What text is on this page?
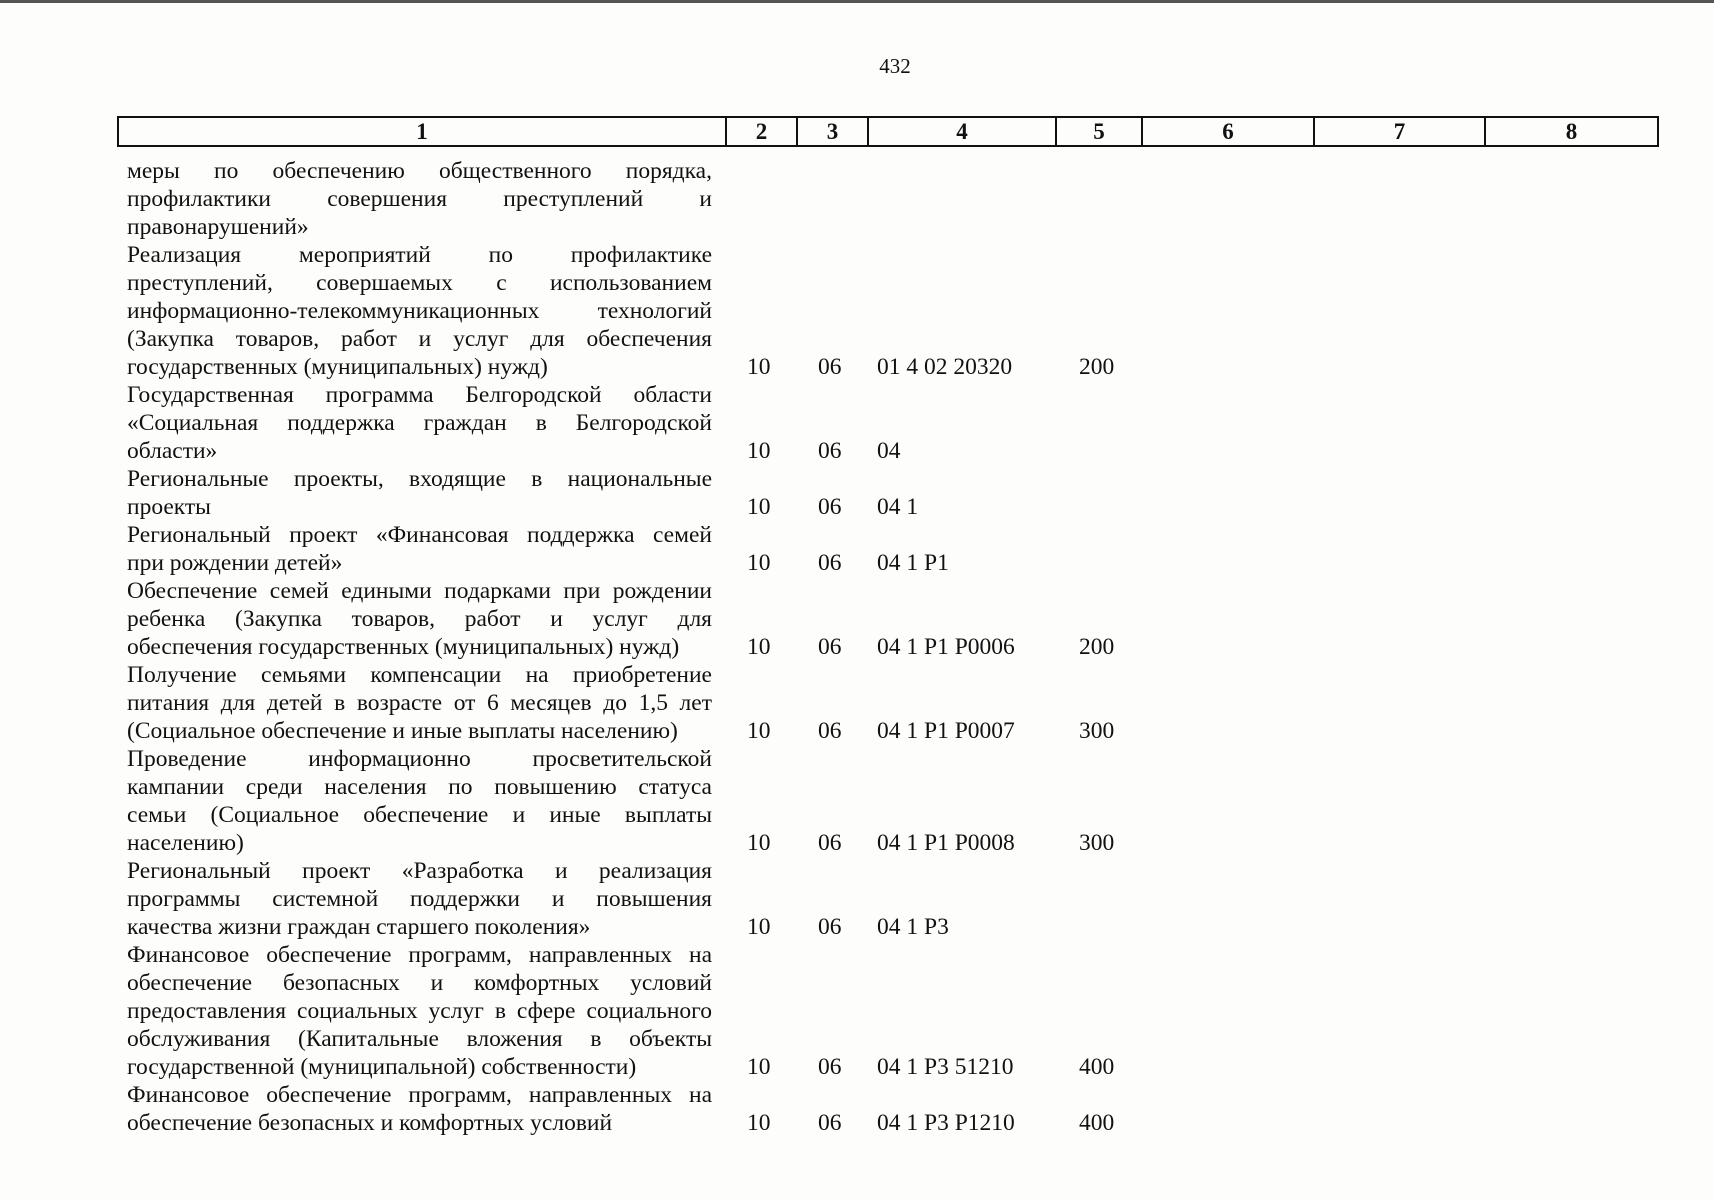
432
1	2	3	4	5	6	7	8
меры по обеспечению общественного порядка,
профилактики совершения преступлений и
правонарушений»
Реализация мероприятий по профилактике
преступлений, совершаемых с использованием
информационно-телекоммуникационных технологий
(Закупка товаров, работ и услуг для обеспечения
государственных (муниципальных) нужд)	10 06 01 4 02 20320	200
Государственная программа Белгородской области
«Социальная поддержка граждан в Белгородской
области»	10 06 04
Региональные проекты, входящие в национальные
проекты	10 06 04 1
Региональный проект «Финансовая поддержка семей
при рождении детей»	10 06 04 1 P1
Обеспечение семей едиными подарками при рождении
ребенка (Закупка товаров, работ и услуг для
обеспечения государственных (муниципальных) нужд)	10 06 04 1 P1 P0006	200
Получение семьями компенсации на приобретение
питания для детей в возрасте от 6 месяцев до 1,5 лет
(Социальное обеспечение и иные выплаты населению)	10 06 04 1 P1 P0007	300
Проведение информационно просветительской
кампании среди населения по повышению статуса
семьи (Социальное обеспечение и иные выплаты
населению)	10 06 04 1 P1 P0008	300
Региональный проект «Разработка и реализация
программы системной поддержки и повышения
качества жизни граждан старшего поколения»	10 06 04 1 P3
Финансовое обеспечение программ, направленных на
обеспечение безопасных и комфортных условий
предоставления социальных услуг в сфере социального
обслуживания (Капитальные вложения в объекты
государственной (муниципальной) собственности)	10 06 04 1 P3 51210	400
Финансовое обеспечение программ, направленных на
обеспечение безопасных и комфортных условий	10 06 04 1 P3 P1210	400
